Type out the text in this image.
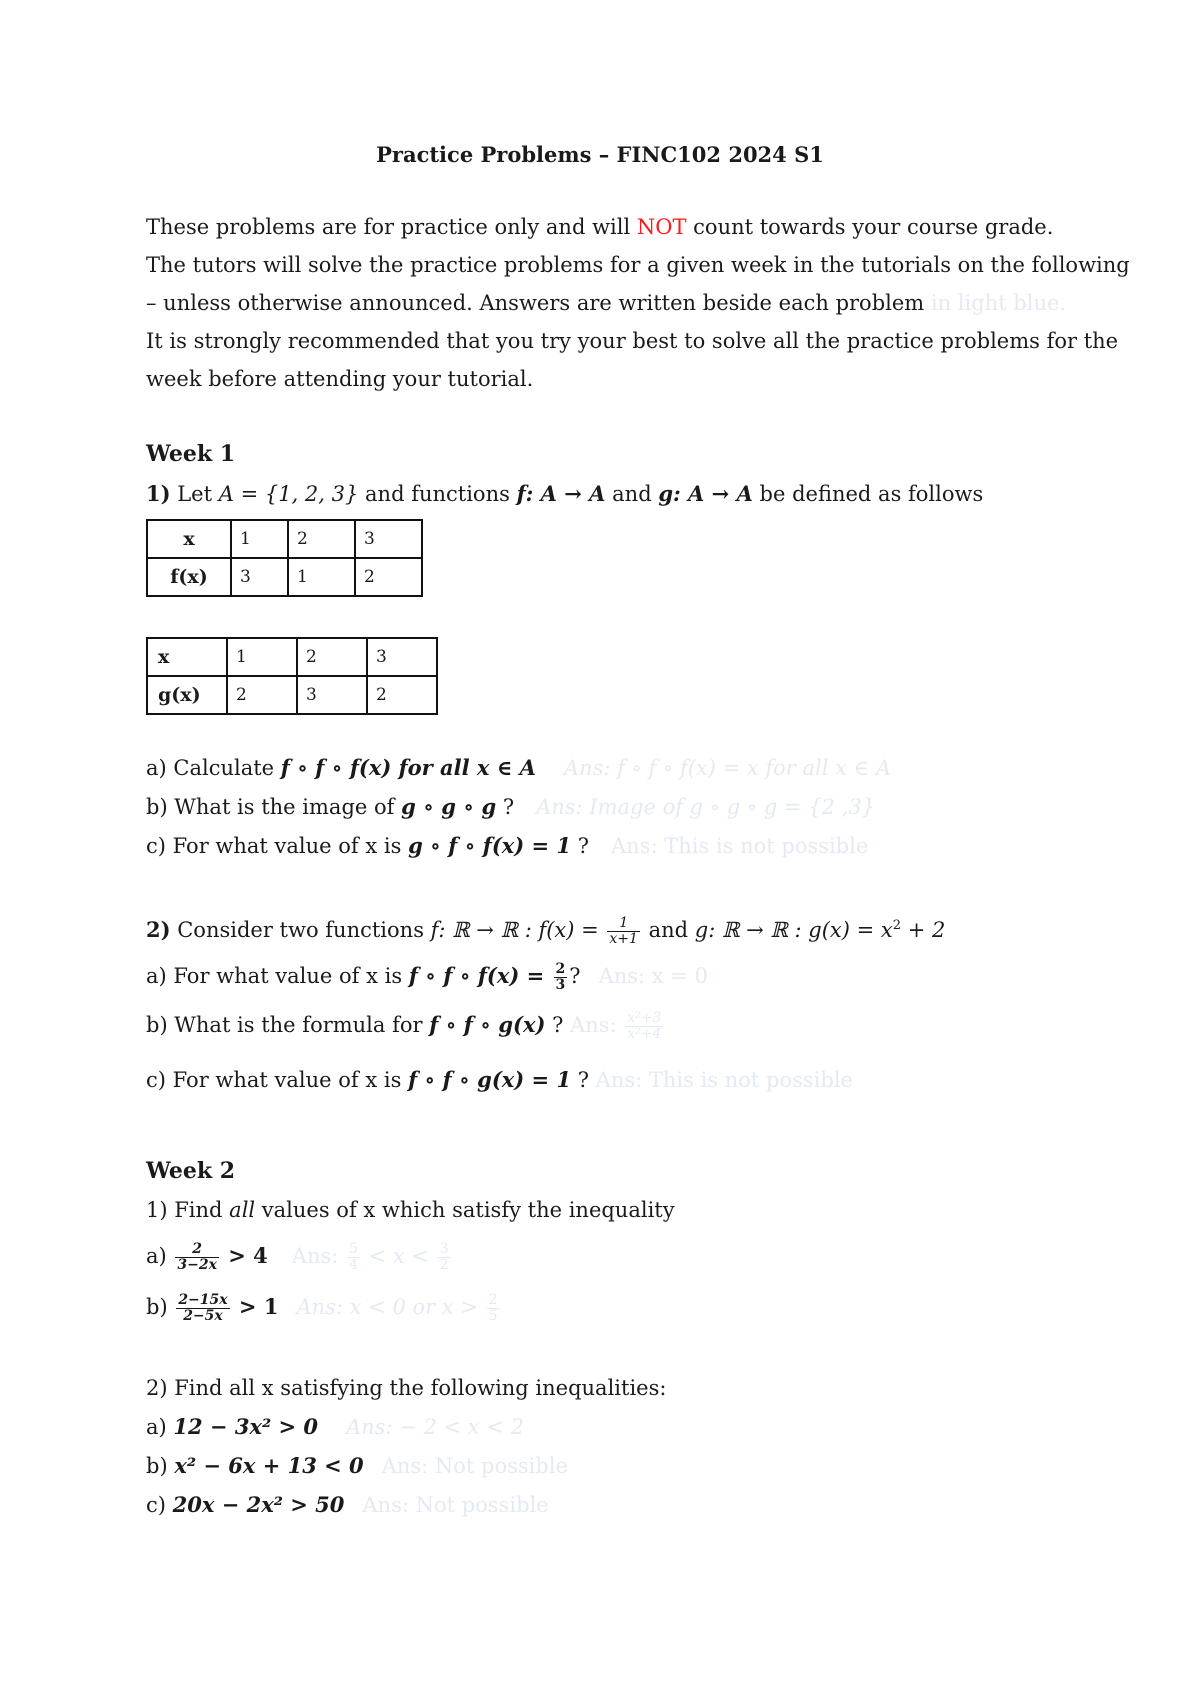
Practice Problems – FINC102 2024 S1
These problems are for practice only and will NOT count towards your course grade.
The tutors will solve the practice problems for a given week in the tutorials on the following
– unless otherwise announced. Answers are written beside each problem in light blue.
It is strongly recommended that you try your best to solve all the practice problems for the
week before attending your tutorial.
Week 1
1) Let A = {1, 2, 3} and functions f: A → A and g: A → A be defined as follows
x	1	2	3
f(x)	3	1	2
x	1	2	3
g(x)	2	3	2
a) Calculate f ∘ f ∘ f(x) for all x ∈ A Ans: f ∘ f ∘ f(x) = x for all x ∈ A
b) What is the image of g ∘ g ∘ g ? Ans: Image of g ∘ g ∘ g = {2 ,3}
c) For what value of x is g ∘ f ∘ f(x) = 1 ? Ans: This is not possible
2) Consider two functions f: ℝ → ℝ : $f(x) = \frac{1}{x+1}$ and g: ℝ → ℝ : $g(x) = x^2 + 2$
a) For what value of x is f ∘ f ∘ $f(x) = \frac{2}{3}$ ? Ans: x = 0
b) What is the formula for f ∘ f ∘ g(x) ? Ans: $\frac{\text{x²+3}}{\text{x²+4}}$
c) For what value of x is f ∘ f ∘ g(x) = 1 ? Ans: This is not possible
Week 2
1) Find all values of x which satisfy the inequality
$a) \frac{2}{3-2x} > 4$ Ans: $\frac{5}{4} < x < \frac{3}{2}$
$b) \frac{2-15x}{2-5x} > 1$ Ans: x < 0 or $x > \frac{2}{5}$
2) Find all x satisfying the following inequalities:
a) 12 − 3x² > 0 Ans: − 2 < x < 2
b) x² − 6x + 13 < 0 Ans: Not possible
c) 20x − 2x² > 50 Ans: Not possible
